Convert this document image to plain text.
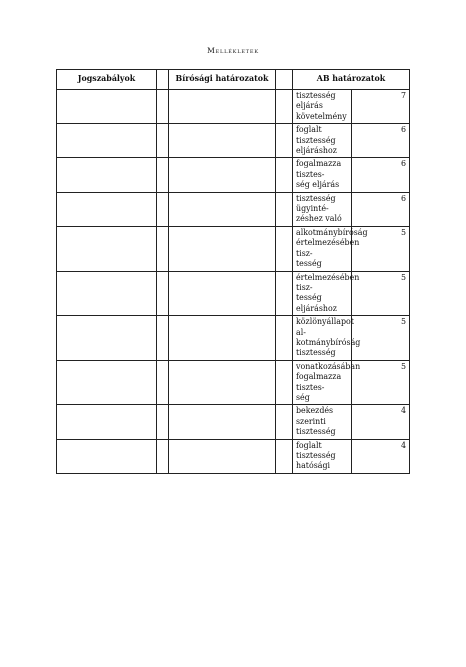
Mellékletek
Jogszabályok		Bírósági határozatok		AB határozatok	
				tisztesség eljárás
követelmény	7
				foglalt tisztesség
eljáráshoz	6
				fogalmazza tisztes-
ség eljárás	6
				tisztesség ügyinté-
zéshez való	6
				alkotmánybíróság
értelmezésében tisz-
tesség	5
				értelmezésében tisz-
tesség eljáráshoz	5
				közlönyállapot al-
kotmánybíróság
tisztesség	5
				vonatkozásában
fogalmazza tisztes-
ség	5
				bekezdés szerinti
tisztesség	4
				foglalt tisztesség
hatósági	4
